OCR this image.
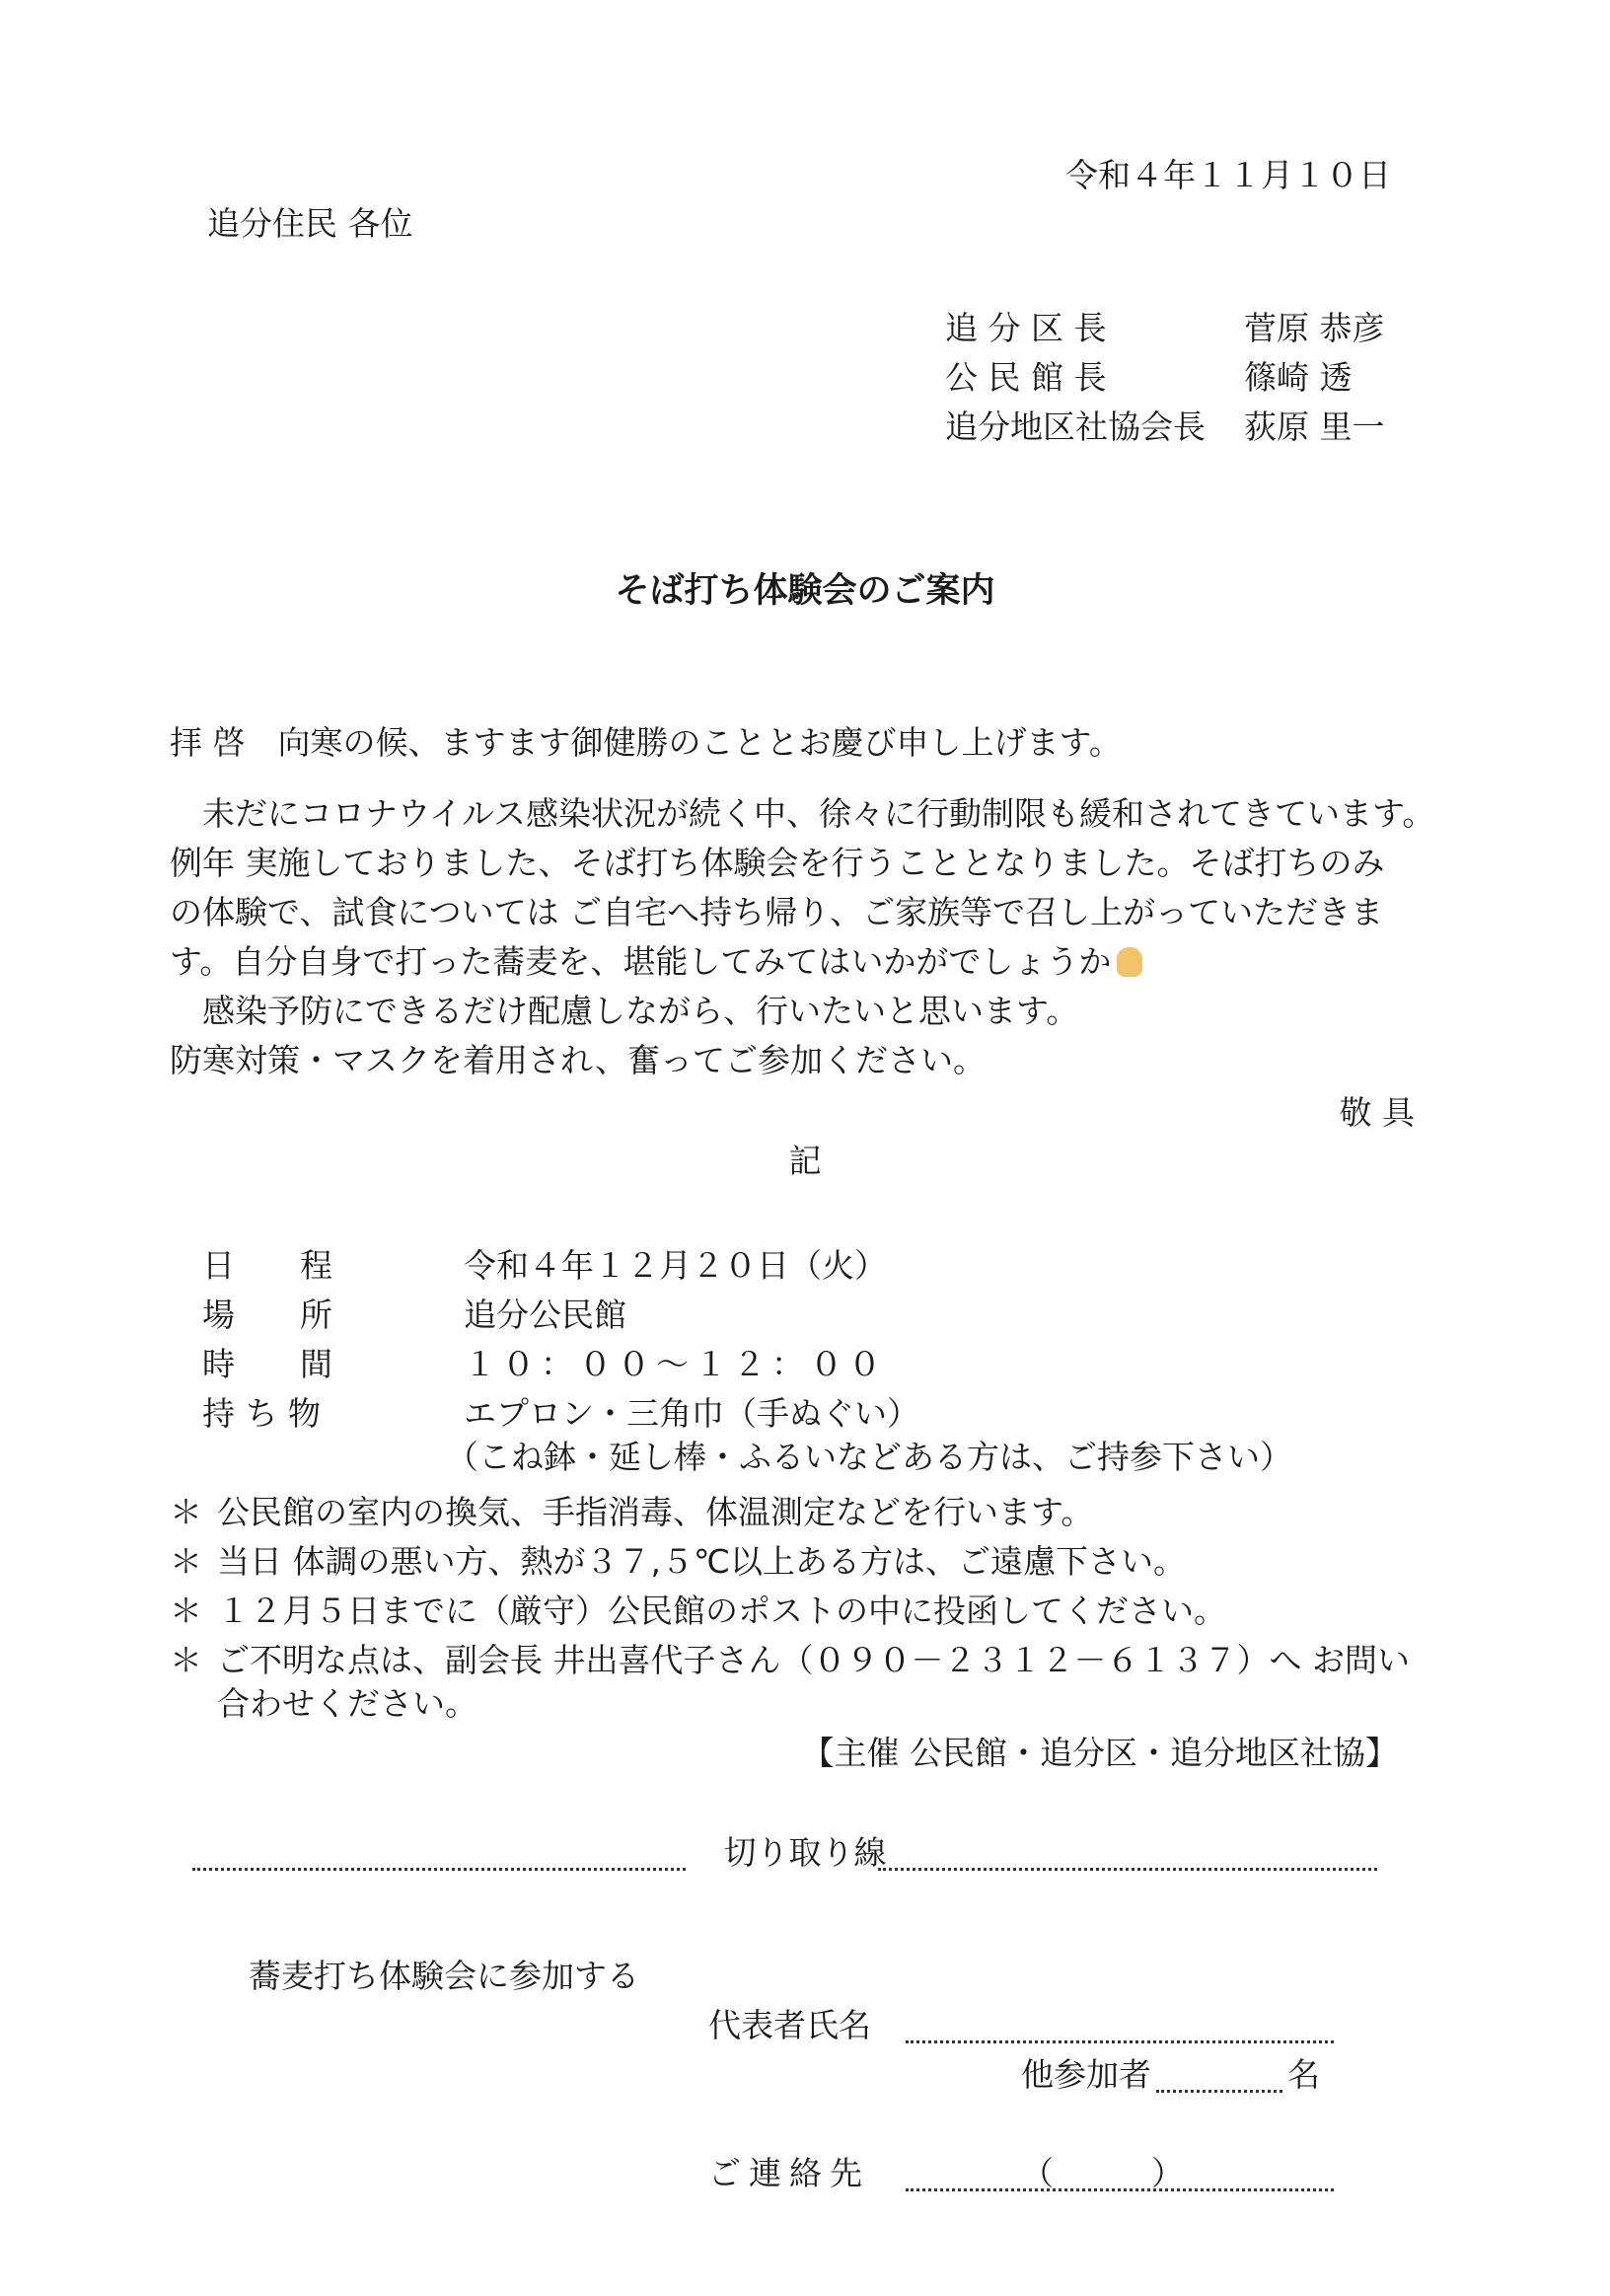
令和４年１１月１０日
追分住民 各位
追 分 区 長	菅原 恭彦
公 民 館 長	篠崎 透
追分地区社協会長 荻原 里一
そば打ち体験会のご案内
拝 啓　向寒の候、ますます御健勝のこととお慶び申し上げます。

未だにコロナウイルス感染状況が続く中、徐々に行動制限も緩和されてきています。

例年 実施しておりました、そば打ち体験会を行うこととなりました。そば打ちのみ

の体験で、試食については ご自宅へ持ち帰り、ご家族等で召し上がっていただきま

す。自分自身で打った蕎麦を、堪能してみてはいかがでしょうか

感染予防にできるだけ配慮しながら、行いたいと思います。

防寒対策・マスクを着用され、奮ってご参加ください。

敬 具
記
日　　程	令和４年１２月２０日（火）
場　　所	追分公民館
時　　間	１０：００～１２：００
持 ち 物	エプロン・三角巾（手ぬぐい）
（こね鉢・延し棒・ふるいなどある方は、ご持参下さい）
＊ 公民館の室内の換気、手指消毒、体温測定などを行います。
＊ 当日 体調の悪い方、熱が３７,５℃以上ある方は、ご遠慮下さい。
＊ １２月５日までに（厳守）公民館のポストの中に投函してください。
＊ ご不明な点は、副会長 井出喜代子さん（０９０－２３１２－６１３７）へ お問い
合わせください。
【主催 公民館・追分区・追分地区社協】
切り取り線
蕎麦打ち体験会に参加する
代表者氏名
他参加者	名
ご連絡先	（　　　）
